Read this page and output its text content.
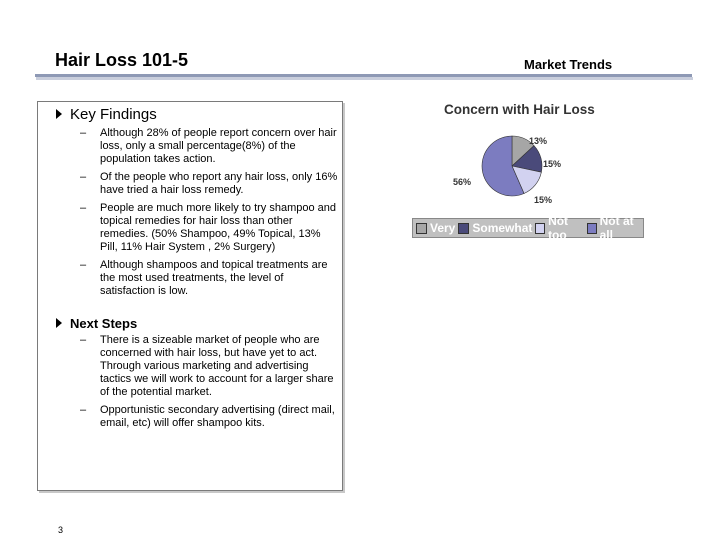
Hair Loss 101-5	Market Trends
Key Findings
– Although 28% of people report concern over hair loss, only a small percentage(8%) of the population takes action.
– Of the people who report any hair loss, only 16% have tried a hair loss remedy.
– People are much more likely to try shampoo and topical remedies for hair loss than other remedies. (50% Shampoo, 49% Topical, 13% Pill, 11% Hair System , 2% Surgery)
– Although shampoos and topical treatments are the most used treatments, the level of satisfaction is low.
Next Steps
– There is a sizeable market of people who are concerned with hair loss, but have yet to act. Through various marketing and advertising tactics we will work to account for a larger share of the potential market.
– Opportunistic secondary advertising (direct mail, email, etc) will offer shampoo kits.
3
Concern with Hair Loss
13%
15%
15%
56%
Very Somewhat Not too
Not at all
